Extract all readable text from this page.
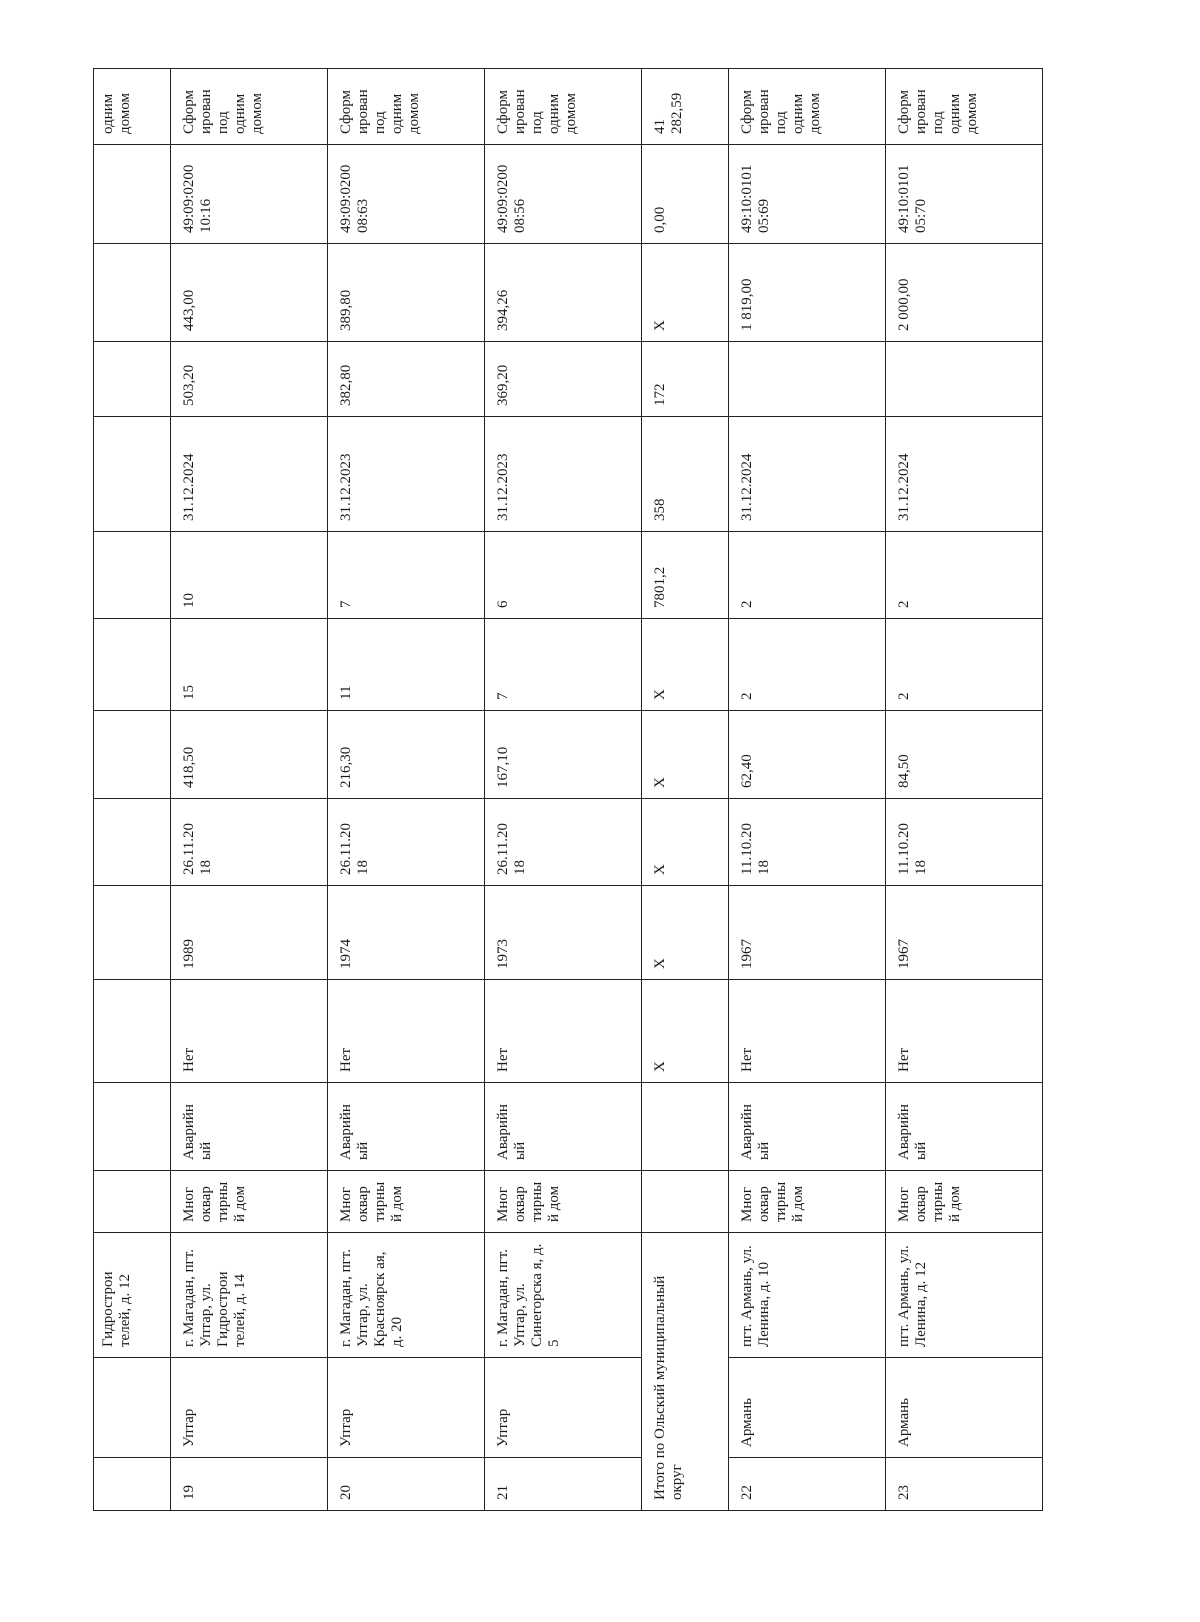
		Гидрострои телей, д. 12													одним домом
19	Уптар	г. Магадан, пгт. Уптар, ул. Гидрострои телей, д. 14	Мног оквар тирны й дом	Аварийн ый	Нет	1989	26.11.20 18	418,50	15	10	31.12.2024	503,20	443,00	49:09:0200 10:16	Сформ ирован под одним домом
20	Уптар	г. Магадан, пгт. Уптар, ул. Красноярск ая, д. 20	Мног оквар тирны й дом	Аварийн ый	Нет	1974	26.11.20 18	216,30	11	7	31.12.2023	382,80	389,80	49:09:0200 08:63	Сформ ирован под одним домом
21	Уптар	г. Магадан, пгт. Уптар, ул. Синегорска я, д. 5	Мног оквар тирны й дом	Аварийн ый	Нет	1973	26.11.20 18	167,10	7	6	31.12.2023	369,20	394,26	49:09:0200 08:56	Сформ ирован под одним домом
Итого по Ольский муниципальный округ					X	X	X	X	X	7801,2	358	172	X	0,00	41 282,59
22	Армань	пгт. Армань, ул. Ленина, д. 10	Мног оквар тирны й дом	Аварийн ый	Нет	1967	11.10.20 18	62,40	2	2	31.12.2024		1 819,00	49:10:0101 05:69	Сформ ирован под одним домом
23	Армань	пгт. Армань, ул. Ленина, д. 12	Мног оквар тирны й дом	Аварийн ый	Нет	1967	11.10.20 18	84,50	2	2	31.12.2024		2 000,00	49:10:0101 05:70	Сформ ирован под одним домом
